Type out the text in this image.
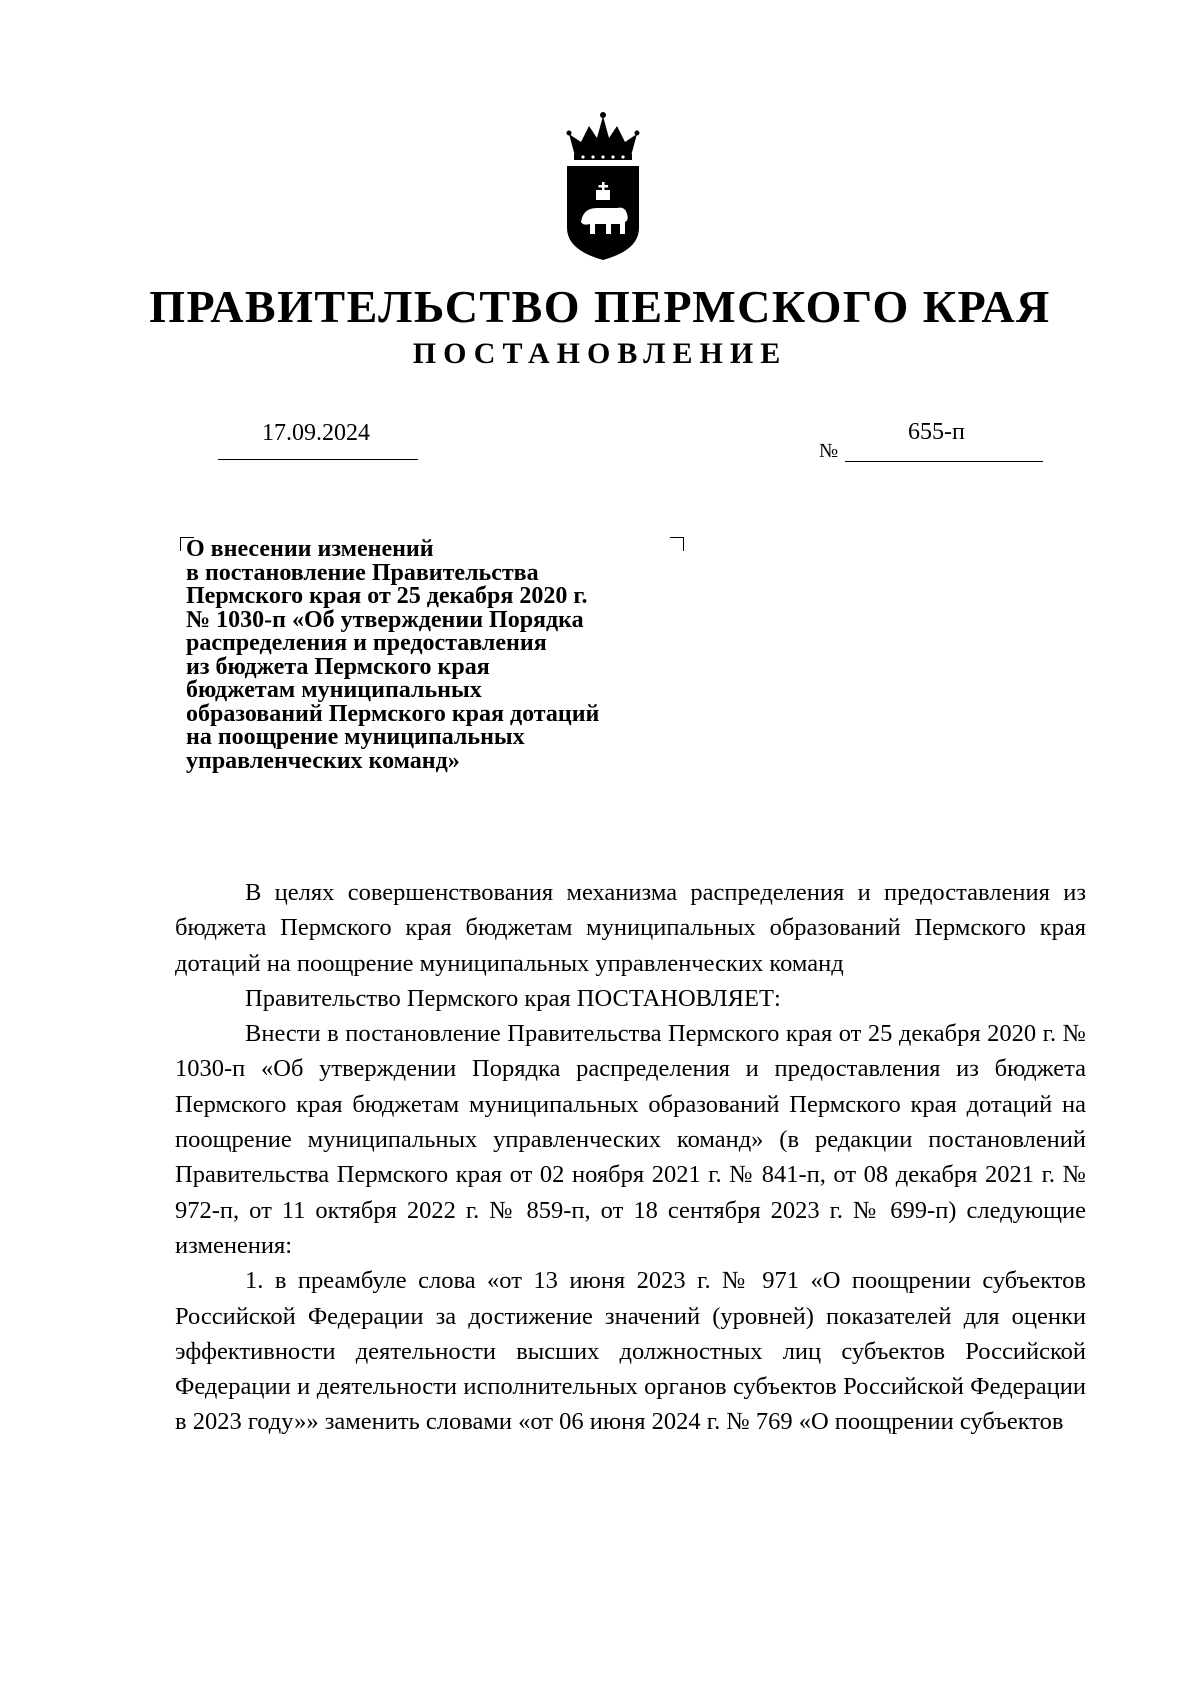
ПРАВИТЕЛЬСТВО ПЕРМСКОГО КРАЯ
ПОСТАНОВЛЕНИЕ
17.09.2024
№
655-п
О внесении изменений
в постановление Правительства
Пермского края от 25 декабря 2020 г.
№ 1030-п «Об утверждении Порядка
распределения и предоставления
из бюджета Пермского края
бюджетам муниципальных
образований Пермского края дотаций
на поощрение муниципальных
управленческих команд»

В целях совершенствования механизма распределения и предоставления из бюджета Пермского края бюджетам муниципальных образований Пермского края дотаций на поощрение муниципальных управленческих команд

Правительство Пермского края ПОСТАНОВЛЯЕТ:

Внести в постановление Правительства Пермского края от 25 декабря 2020 г. № 1030-п «Об утверждении Порядка распределения и предоставления из бюджета Пермского края бюджетам муниципальных образований Пермского края дотаций на поощрение муниципальных управленческих команд» (в редакции постановлений Правительства Пермского края от 02 ноября 2021 г. № 841-п, от 08 декабря 2021 г. № 972-п, от 11 октября 2022 г. № 859-п, от 18 сентября 2023 г. № 699-п) следующие изменения:

1. в преамбуле слова «от 13 июня 2023 г. № 971 «О поощрении субъектов Российской Федерации за достижение значений (уровней) показателей для оценки эффективности деятельности высших должностных лиц субъектов Российской Федерации и деятельности исполнительных органов субъектов Российской Федерации в 2023 году»» заменить словами «от 06 июня 2024 г. № 769 «О поощрении субъектов
